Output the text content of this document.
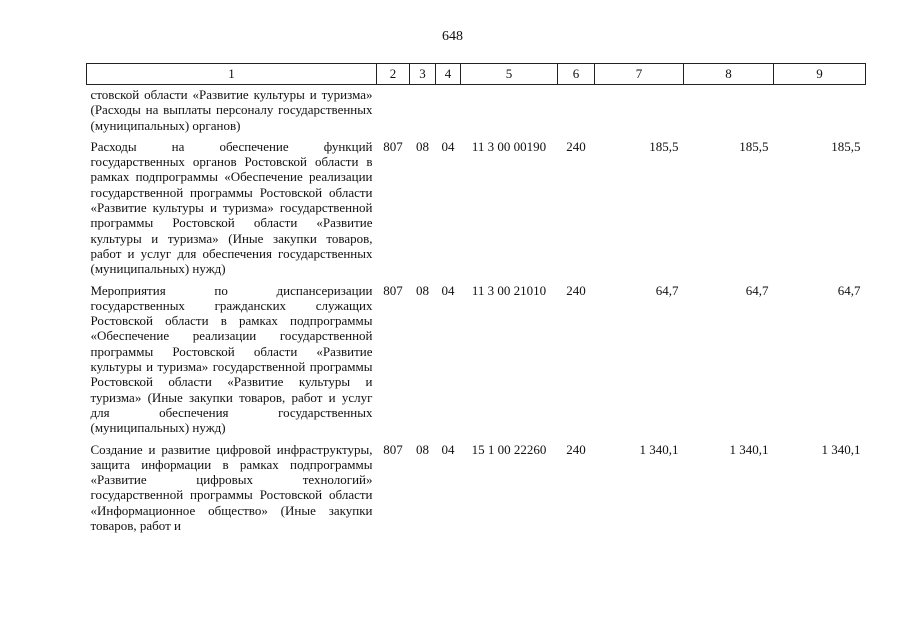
648
1	2	3	4	5	6	7	8	9
стовской области «Развитие культуры и туризма» (Расходы на выплаты персоналу государственных (муниципальных) органов)								
Расходы на обеспечение функций государственных органов Ростовской области в рамках подпрограммы «Обеспечение реализации государственной программы Ростовской области «Развитие культуры и туризма» государственной программы Ростовской области «Развитие культуры и туризма» (Иные закупки товаров, работ и услуг для обеспечения государственных (муниципальных) нужд)	807	08	04	11 3 00 00190	240	185,5	185,5	185,5
Мероприятия по диспансеризации государственных гражданских служащих Ростовской области в рамках подпрограммы «Обеспечение реализации государственной программы Ростовской области «Развитие культуры и туризма» государственной программы Ростовской области «Развитие культуры и туризма» (Иные закупки товаров, работ и услуг для обеспечения государственных (муниципальных) нужд)	807	08	04	11 3 00 21010	240	64,7	64,7	64,7
Создание и развитие цифровой инфраструктуры, защита информации в рамках подпрограммы «Развитие цифровых технологий» государственной программы Ростовской области «Информационное общество» (Иные закупки товаров, работ и	807	08	04	15 1 00 22260	240	1 340,1	1 340,1	1 340,1
